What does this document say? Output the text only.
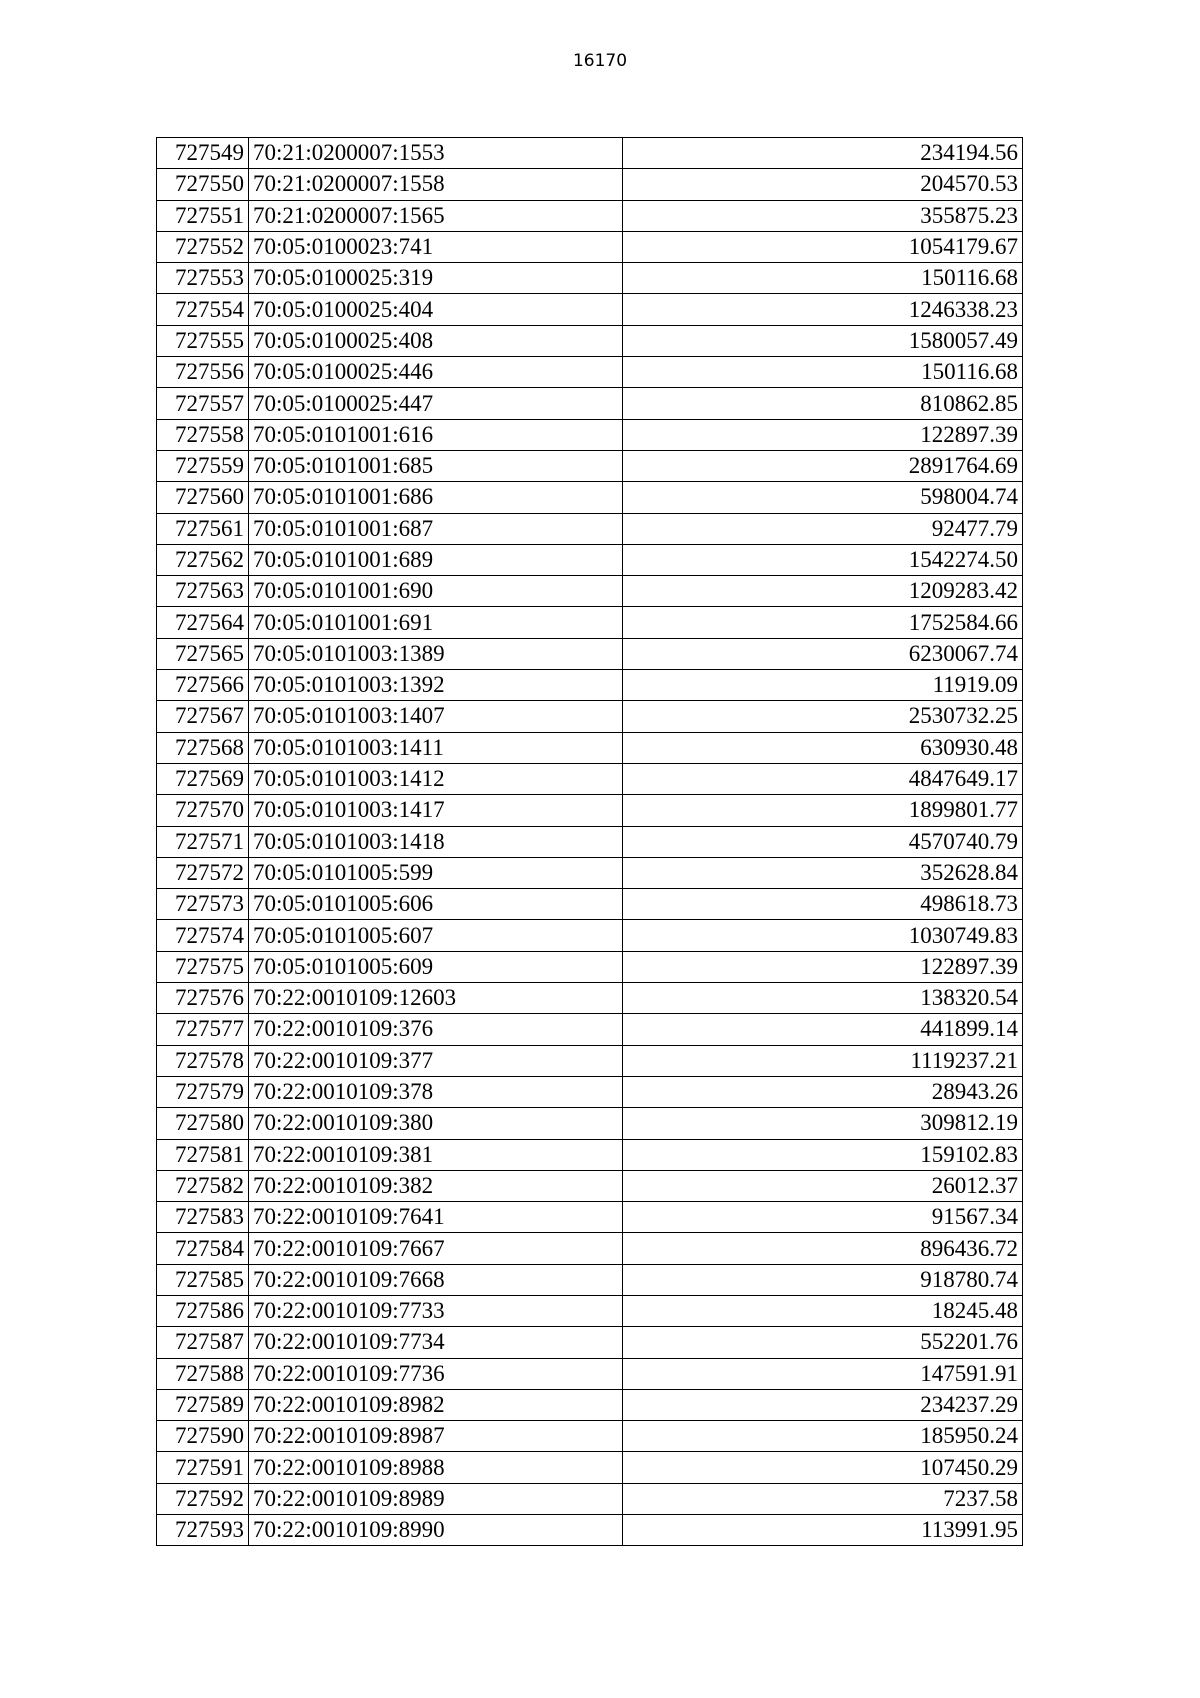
16170
727549	70:21:0200007:1553	234194.56
727550	70:21:0200007:1558	204570.53
727551	70:21:0200007:1565	355875.23
727552	70:05:0100023:741	1054179.67
727553	70:05:0100025:319	150116.68
727554	70:05:0100025:404	1246338.23
727555	70:05:0100025:408	1580057.49
727556	70:05:0100025:446	150116.68
727557	70:05:0100025:447	810862.85
727558	70:05:0101001:616	122897.39
727559	70:05:0101001:685	2891764.69
727560	70:05:0101001:686	598004.74
727561	70:05:0101001:687	92477.79
727562	70:05:0101001:689	1542274.50
727563	70:05:0101001:690	1209283.42
727564	70:05:0101001:691	1752584.66
727565	70:05:0101003:1389	6230067.74
727566	70:05:0101003:1392	11919.09
727567	70:05:0101003:1407	2530732.25
727568	70:05:0101003:1411	630930.48
727569	70:05:0101003:1412	4847649.17
727570	70:05:0101003:1417	1899801.77
727571	70:05:0101003:1418	4570740.79
727572	70:05:0101005:599	352628.84
727573	70:05:0101005:606	498618.73
727574	70:05:0101005:607	1030749.83
727575	70:05:0101005:609	122897.39
727576	70:22:0010109:12603	138320.54
727577	70:22:0010109:376	441899.14
727578	70:22:0010109:377	1119237.21
727579	70:22:0010109:378	28943.26
727580	70:22:0010109:380	309812.19
727581	70:22:0010109:381	159102.83
727582	70:22:0010109:382	26012.37
727583	70:22:0010109:7641	91567.34
727584	70:22:0010109:7667	896436.72
727585	70:22:0010109:7668	918780.74
727586	70:22:0010109:7733	18245.48
727587	70:22:0010109:7734	552201.76
727588	70:22:0010109:7736	147591.91
727589	70:22:0010109:8982	234237.29
727590	70:22:0010109:8987	185950.24
727591	70:22:0010109:8988	107450.29
727592	70:22:0010109:8989	7237.58
727593	70:22:0010109:8990	113991.95
